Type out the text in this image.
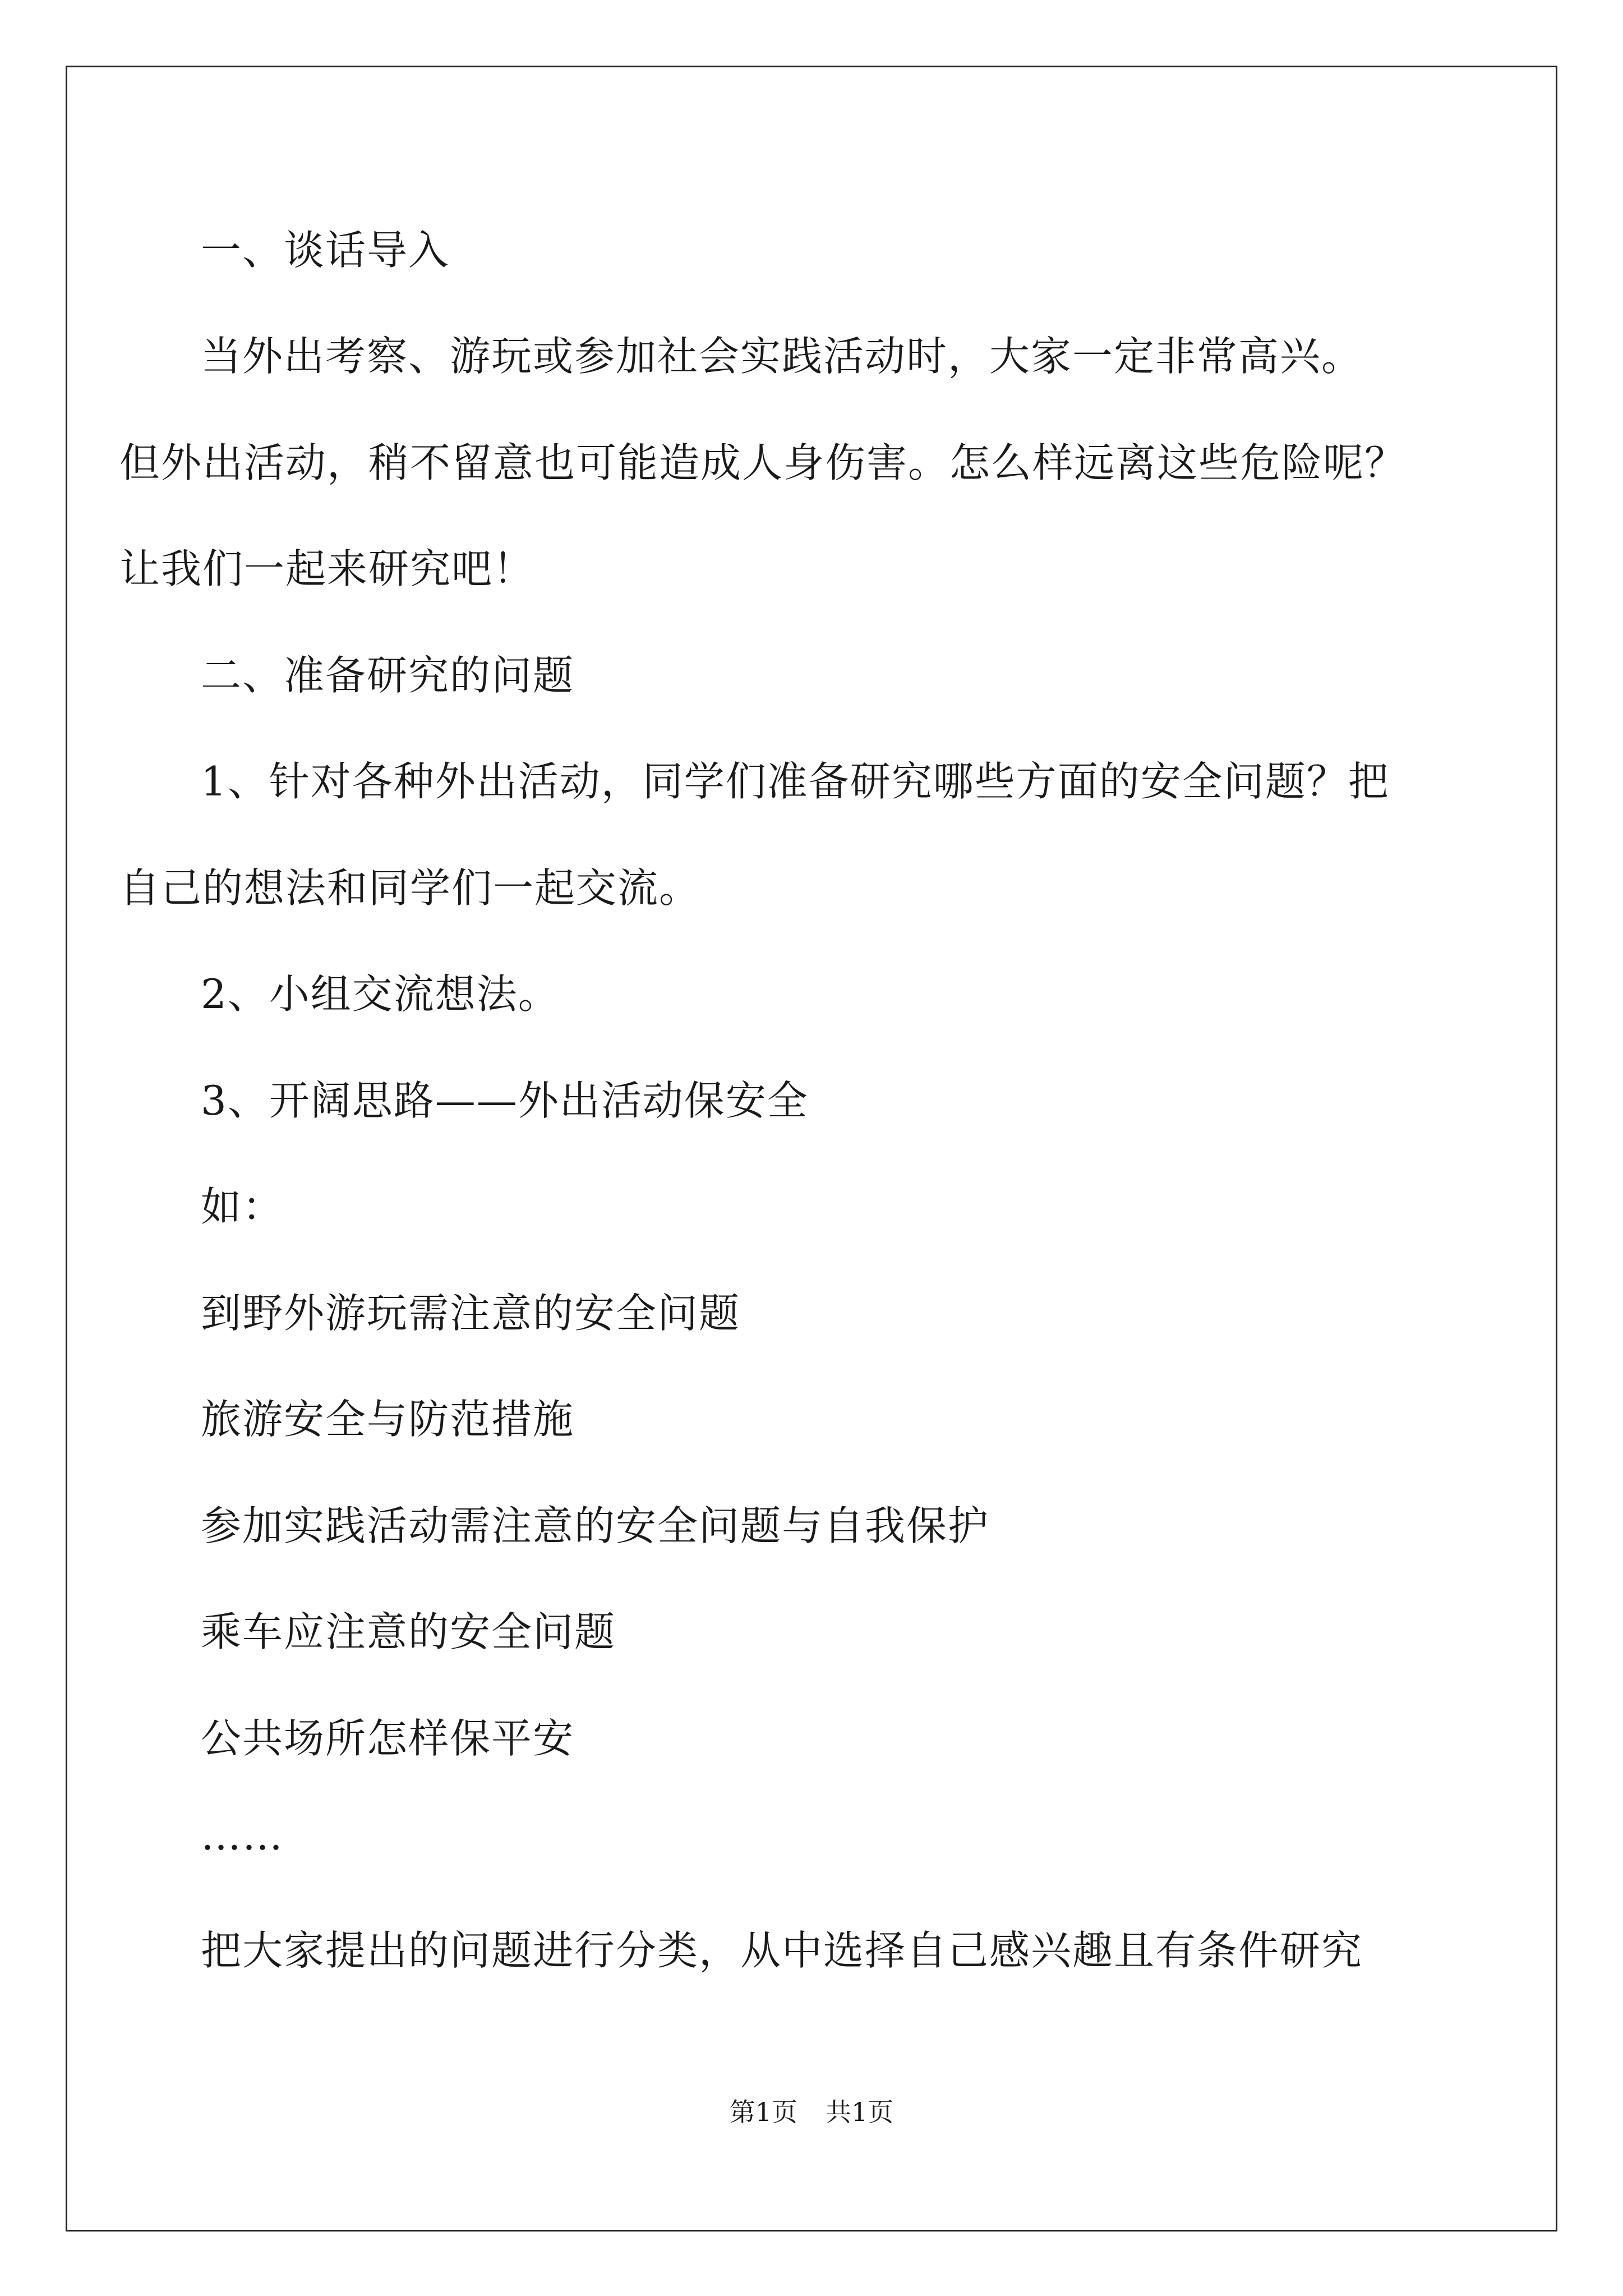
一、谈话导入
当外出考察、游玩或参加社会实践活动时，大家一定非常高兴。
但外出活动，稍不留意也可能造成人身伤害。怎么样远离这些危险呢？
让我们一起来研究吧！
二、准备研究的问题
1、针对各种外出活动，同学们准备研究哪些方面的安全问题？把
自己的想法和同学们一起交流。
2、小组交流想法。
3、开阔思路——外出活动保安全
如：
到野外游玩需注意的安全问题
旅游安全与防范措施
参加实践活动需注意的安全问题与自我保护
乘车应注意的安全问题
公共场所怎样保平安
……
把大家提出的问题进行分类，从中选择自己感兴趣且有条件研究
第1页 共1页
